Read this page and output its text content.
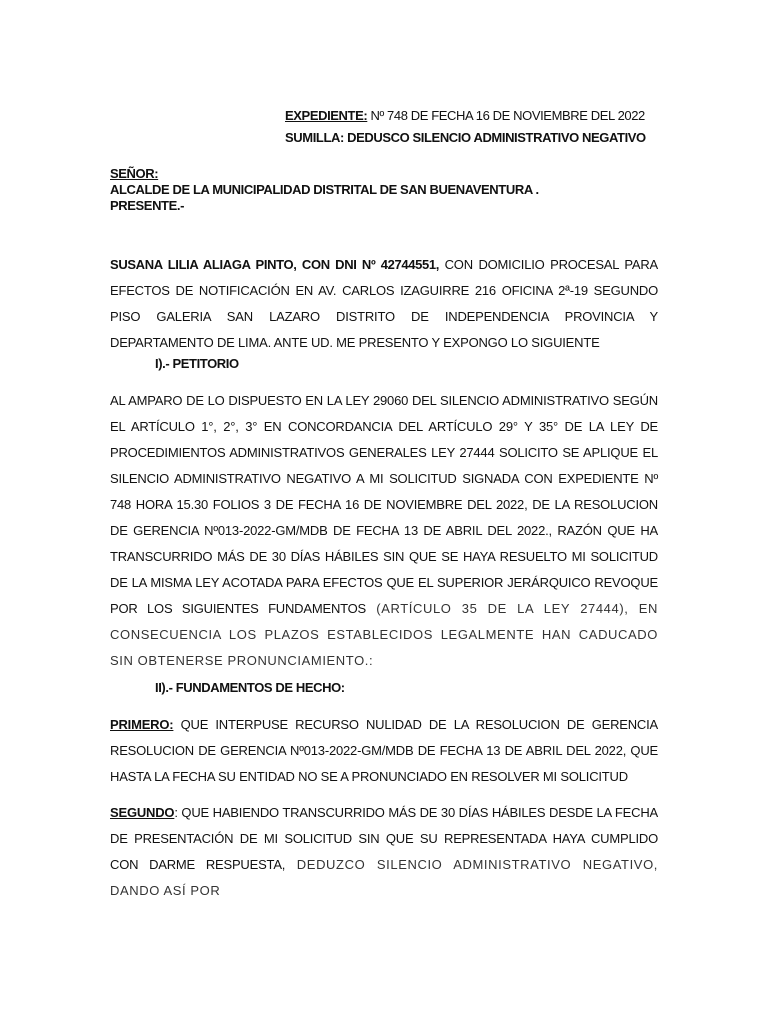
EXPEDIENTE: Nº 748 DE FECHA 16 DE NOVIEMBRE DEL 2022
SUMILLA: DEDUSCO SILENCIO ADMINISTRATIVO NEGATIVO
SEÑOR:
ALCALDE DE LA MUNICIPALIDAD DISTRITAL DE SAN BUENAVENTURA .
PRESENTE.-

SUSANA LILIA ALIAGA PINTO, CON DNI Nº 42744551, CON DOMICILIO PROCESAL PARA EFECTOS DE NOTIFICACIÓN EN AV. CARLOS IZAGUIRRE 216 OFICINA 2ª-19 SEGUNDO PISO GALERIA SAN LAZARO DISTRITO DE INDEPENDENCIA PROVINCIA Y DEPARTAMENTO DE LIMA. ANTE UD. ME PRESENTO Y EXPONGO LO SIGUIENTE

I).- PETITORIO

AL AMPARO DE LO DISPUESTO EN LA LEY 29060 DEL SILENCIO ADMINISTRATIVO SEGÚN EL ARTÍCULO 1°, 2°, 3° EN CONCORDANCIA DEL ARTÍCULO 29° Y 35° DE LA LEY DE PROCEDIMIENTOS ADMINISTRATIVOS GENERALES LEY 27444 SOLICITO SE APLIQUE EL SILENCIO ADMINISTRATIVO NEGATIVO A MI SOLICITUD SIGNADA CON EXPEDIENTE Nº 748 HORA 15.30 FOLIOS 3 DE FECHA 16 DE NOVIEMBRE DEL 2022, DE LA RESOLUCION DE GERENCIA Nº013-2022-GM/MDB DE FECHA 13 DE ABRIL DEL 2022., RAZÓN QUE HA TRANSCURRIDO MÁS DE 30 DÍAS HÁBILES SIN QUE SE HAYA RESUELTO MI SOLICITUD DE LA MISMA LEY ACOTADA PARA EFECTOS QUE EL SUPERIOR JERÁRQUICO REVOQUE POR LOS SIGUIENTES FUNDAMENTOS (ARTÍCULO 35 DE LA LEY 27444), EN CONSECUENCIA LOS PLAZOS ESTABLECIDOS LEGALMENTE HAN CADUCADO SIN OBTENERSE PRONUNCIAMIENTO.:

II).- FUNDAMENTOS DE HECHO:

PRIMERO: QUE INTERPUSE RECURSO NULIDAD DE LA RESOLUCION DE GERENCIA RESOLUCION DE GERENCIA Nº013-2022-GM/MDB DE FECHA 13 DE ABRIL DEL 2022, QUE HASTA LA FECHA SU ENTIDAD NO SE A PRONUNCIADO EN RESOLVER MI SOLICITUD

SEGUNDO: QUE HABIENDO TRANSCURRIDO MÁS DE 30 DÍAS HÁBILES DESDE LA FECHA DE PRESENTACIÓN DE MI SOLICITUD SIN QUE SU REPRESENTADA HAYA CUMPLIDO CON DARME RESPUESTA, DEDUZCO SILENCIO ADMINISTRATIVO NEGATIVO, DANDO ASÍ POR
